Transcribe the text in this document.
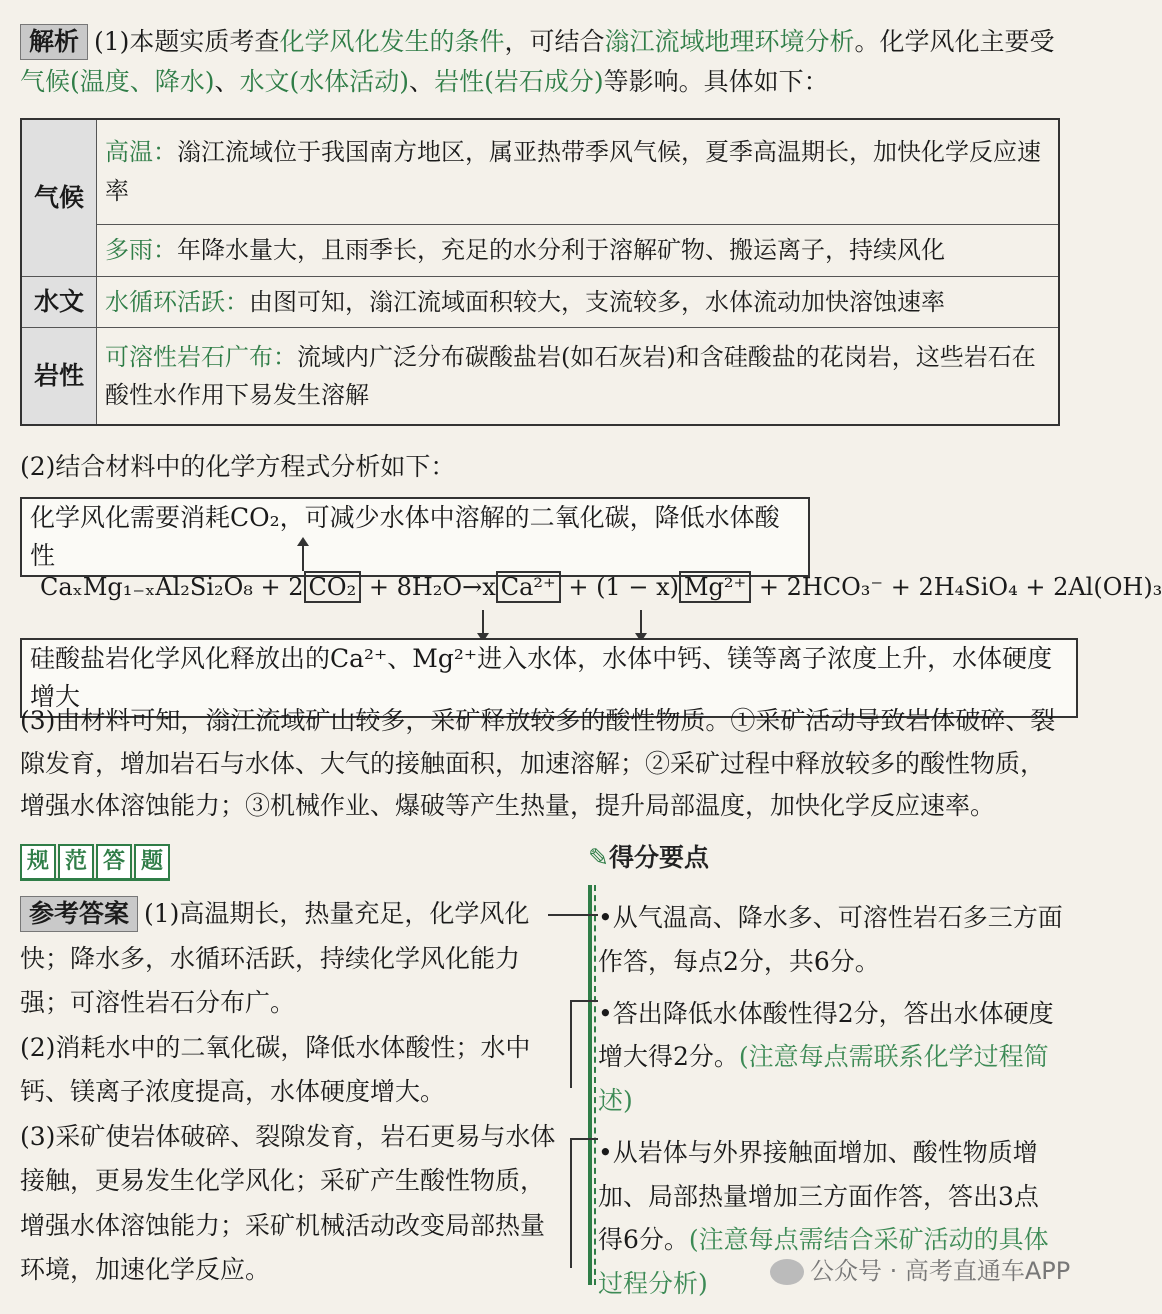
解析 (1)本题实质考查化学风化发生的条件，可结合滃江流域地理环境分析。化学风化主要受气候(温度、降水)、水文(水体活动)、岩性(岩石成分)等影响。具体如下：
气候	高温：滃江流域位于我国南方地区，属亚热带季风气候，夏季高温期长，加快化学反应速率
	多雨：年降水量大，且雨季长，充足的水分利于溶解矿物、搬运离子，持续风化
水文	水循环活跃：由图可知，滃江流域面积较大，支流较多，水体流动加快溶蚀速率
岩性	可溶性岩石广布：流域内广泛分布碳酸盐岩(如石灰岩)和含硅酸盐的花岗岩，这些岩石在酸性水作用下易发生溶解
(2)结合材料中的化学方程式分析如下：
化学风化需要消耗CO₂，可减少水体中溶解的二氧化碳，降低水体酸性
CaₓMg₁₋ₓAl₂Si₂O₈ + 2 CO₂ + 8H₂O→x Ca²⁺ + (1 − x) Mg²⁺ + 2HCO₃⁻ + 2H₄SiO₄ + 2Al(OH)₃
硅酸盐岩化学风化释放出的Ca²⁺、Mg²⁺进入水体，水体中钙、镁等离子浓度上升，水体硬度增大
(3)由材料可知，滃江流域矿山较多，采矿释放较多的酸性物质。①采矿活动导致岩体破碎、裂隙发育，增加岩石与水体、大气的接触面积，加速溶解；②采矿过程中释放较多的酸性物质，增强水体溶蚀能力；③机械作业、爆破等产生热量，提升局部温度，加快化学反应速率。
规 范 答 题	✎得分要点

参考答案 (1)高温期长，热量充足，化学风化快；降水多，水循环活跃，持续化学风化能力强；可溶性岩石分布广。

(2)消耗水中的二氧化碳，降低水体酸性；水中钙、镁离子浓度提高，水体硬度增大。

(3)采矿使岩体破碎、裂隙发育，岩石更易与水体接触，更易发生化学风化；采矿产生酸性物质，增强水体溶蚀能力；采矿机械活动改变局部热量环境，加速化学反应。

•从气温高、降水多、可溶性岩石多三方面作答，每点2分，共6分。

•答出降低水体酸性得2分，答出水体硬度增大得2分。(注意每点需联系化学过程简述)

•从岩体与外界接触面增加、酸性物质增加、局部热量增加三方面作答，答出3点得6分。(注意每点需结合采矿活动的具体过程分析)	公众号 · 高考直通车APP
